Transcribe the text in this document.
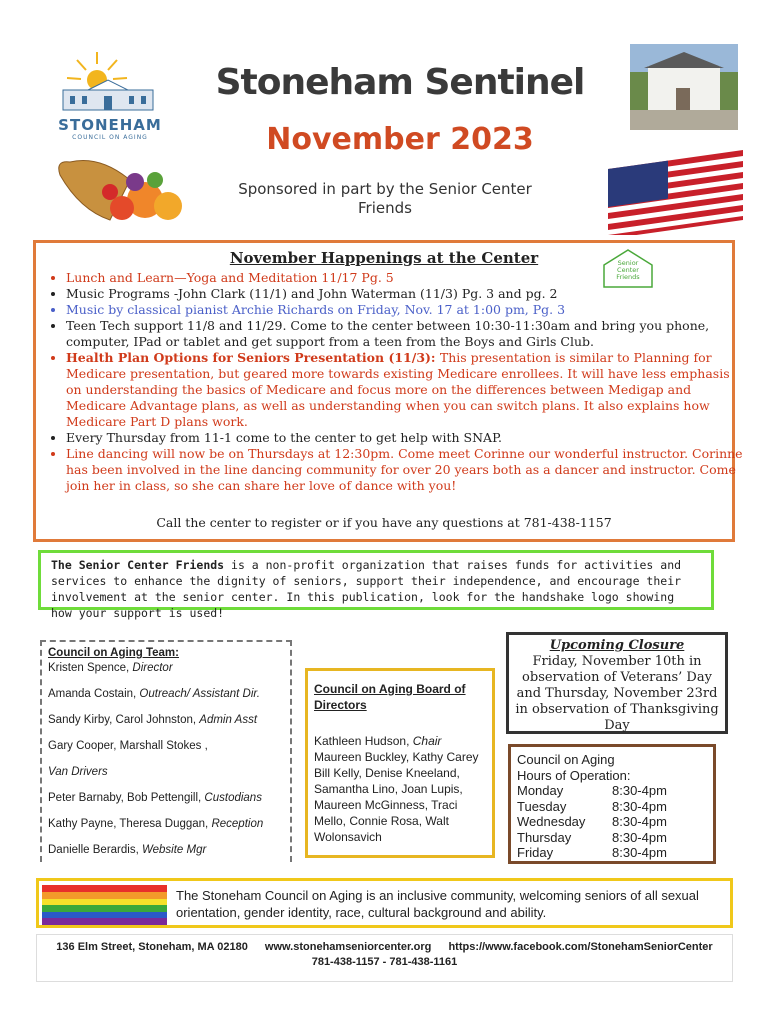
STONEHAM
COUNCIL ON AGING
Stoneham Sentinel
November 2023
Sponsored in part by the Senior Center
Friends
November Happenings at the Center	Senior
Center
Friends
• Lunch and Learn—Yoga and Meditation 11/17 Pg. 5
• Music Programs -John Clark (11/1) and John Waterman (11/3) Pg. 3 and pg. 2
• Music by classical pianist Archie Richards on Friday, Nov. 17 at 1:00 pm, Pg. 3
• Teen Tech support 11/8 and 11/29. Come to the center between 10:30-11:30am and bring you phone, computer, IPad or tablet and get support from a teen from the Boys and Girls Club.
• Health Plan Options for Seniors Presentation (11/3): This presentation is similar to Planning for Medicare presentation, but geared more towards existing Medicare enrollees. It will have less emphasis on understanding the basics of Medicare and focus more on the differences between Medigap and Medicare Advantage plans, as well as understanding when you can switch plans. It also explains how Medicare Part D plans work.
• Every Thursday from 11-1 come to the center to get help with SNAP.
• Line dancing will now be on Thursdays at 12:30pm. Come meet Corinne our wonderful instructor. Corinne has been involved in the line dancing community for over 20 years both as a dancer and instructor. Come join her in class, so she can share her love of dance with you!
Call the center to register or if you have any questions at 781-438-1157
The Senior Center Friends is a non-profit organization that raises funds for activities and services to enhance the dignity of seniors, support their independence, and encourage their involvement at the senior center. In this publication, look for the handshake logo showing how your support is used!
Council on Aging Team:
Kristen Spence, Director
Amanda Costain, Outreach/ Assistant Dir.
Sandy Kirby, Carol Johnston, Admin Asst
Gary Cooper, Marshall Stokes ,
Van Drivers
Peter Barnaby, Bob Pettengill, Custodians
Kathy Payne, Theresa Duggan, Reception
Danielle Berardis, Website Mgr
Council on Aging Board of Directors
Kathleen Hudson, Chair Maureen Buckley, Kathy Carey Bill Kelly, Denise Kneeland, Samantha Lino, Joan Lupis, Maureen McGinness, Traci Mello, Connie Rosa, Walt Wolonsavich
Upcoming Closure
Friday, November 10th in observation of Veterans’ Day and Thursday, November 23rd in observation of Thanksgiving Day
Council on Aging
Hours of Operation:
Monday	8:30-4pm
Tuesday	8:30-4pm
Wednesday	8:30-4pm
Thursday	8:30-4pm
Friday	8:30-4pm
The Stoneham Council on Aging is an inclusive community, welcoming seniors of all sexual orientation, gender identity, race, cultural background and ability.
136 Elm Street, Stoneham, MA 02180 www.stonehamseniorcenter.org https://www.facebook.com/StonehamSeniorCenter
781-438-1157 - 781-438-1161
